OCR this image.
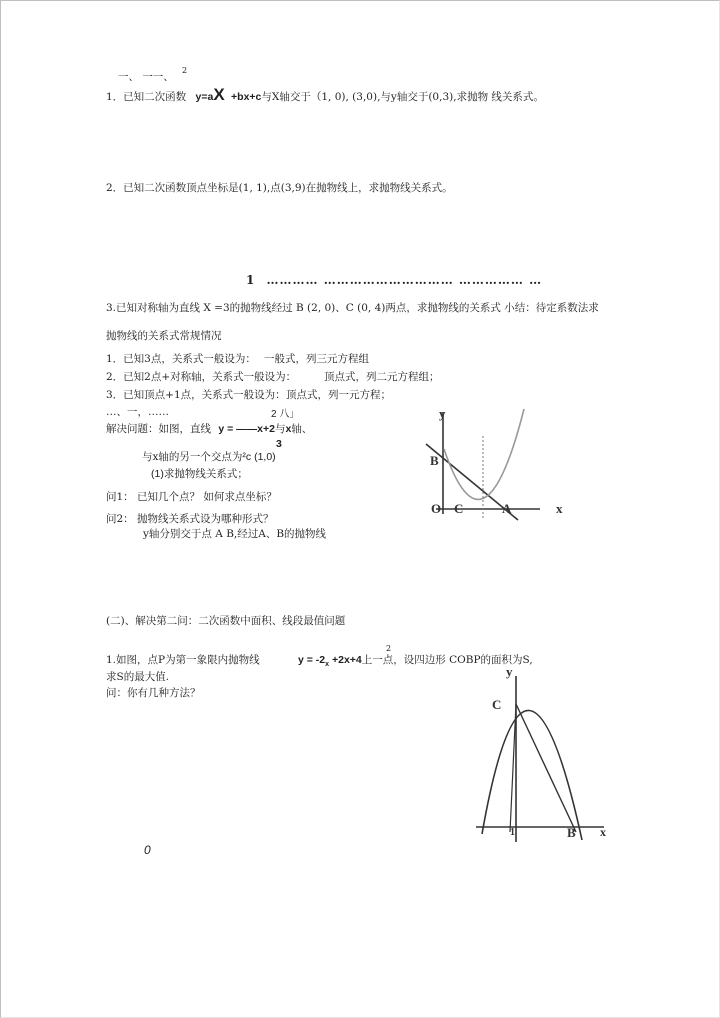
一、 一一、
2
1．已知二次函数 y=aX +bx+c与X轴交于（1, 0), (3,0),与y轴交于(0,3),求抛物 线关系式。
2．已知二次函数顶点坐标是(1, 1),点(3,9)在抛物线上，求抛物线关系式。
1 ………… ………………………… …………… …
3.已知对称轴为直线 X =3的抛物线经过 B (2, 0)、C (0, 4)两点，求抛物线的关系式 小结：待定系数法求
抛物线的关系式常规情况
1．已知3点，关系式一般设为： 一般式，列三元方程组
2．已知2点+对称轴，关系式一般设为：	顶点式，列二元方程组；
3．已知顶点+1点，关系式一般设为： 顶点式，列一元方程；
…、一，……	2 八」
解决问题：如图，直线 y = ——x+2与x轴、
3
与x轴的另一个交点为²c (1,0)
(1)求抛物线关系式；
问1： 已知几个点？ 如何求点坐标？
问2： 抛物线关系式设为哪种形式？
y轴分别交于点 A B,经过A、B的抛物线
y
B
O C	A	x
(二)、解决第二问：二次函数中面积、线段最值问题
2
1.如图，点P为第一象限内抛物线	$y = -2_x +2x+4$上一点，设四边形 COBP的面积为S,
求S的最大值.
问：你有几种方法？
y
C
B x
1
0
